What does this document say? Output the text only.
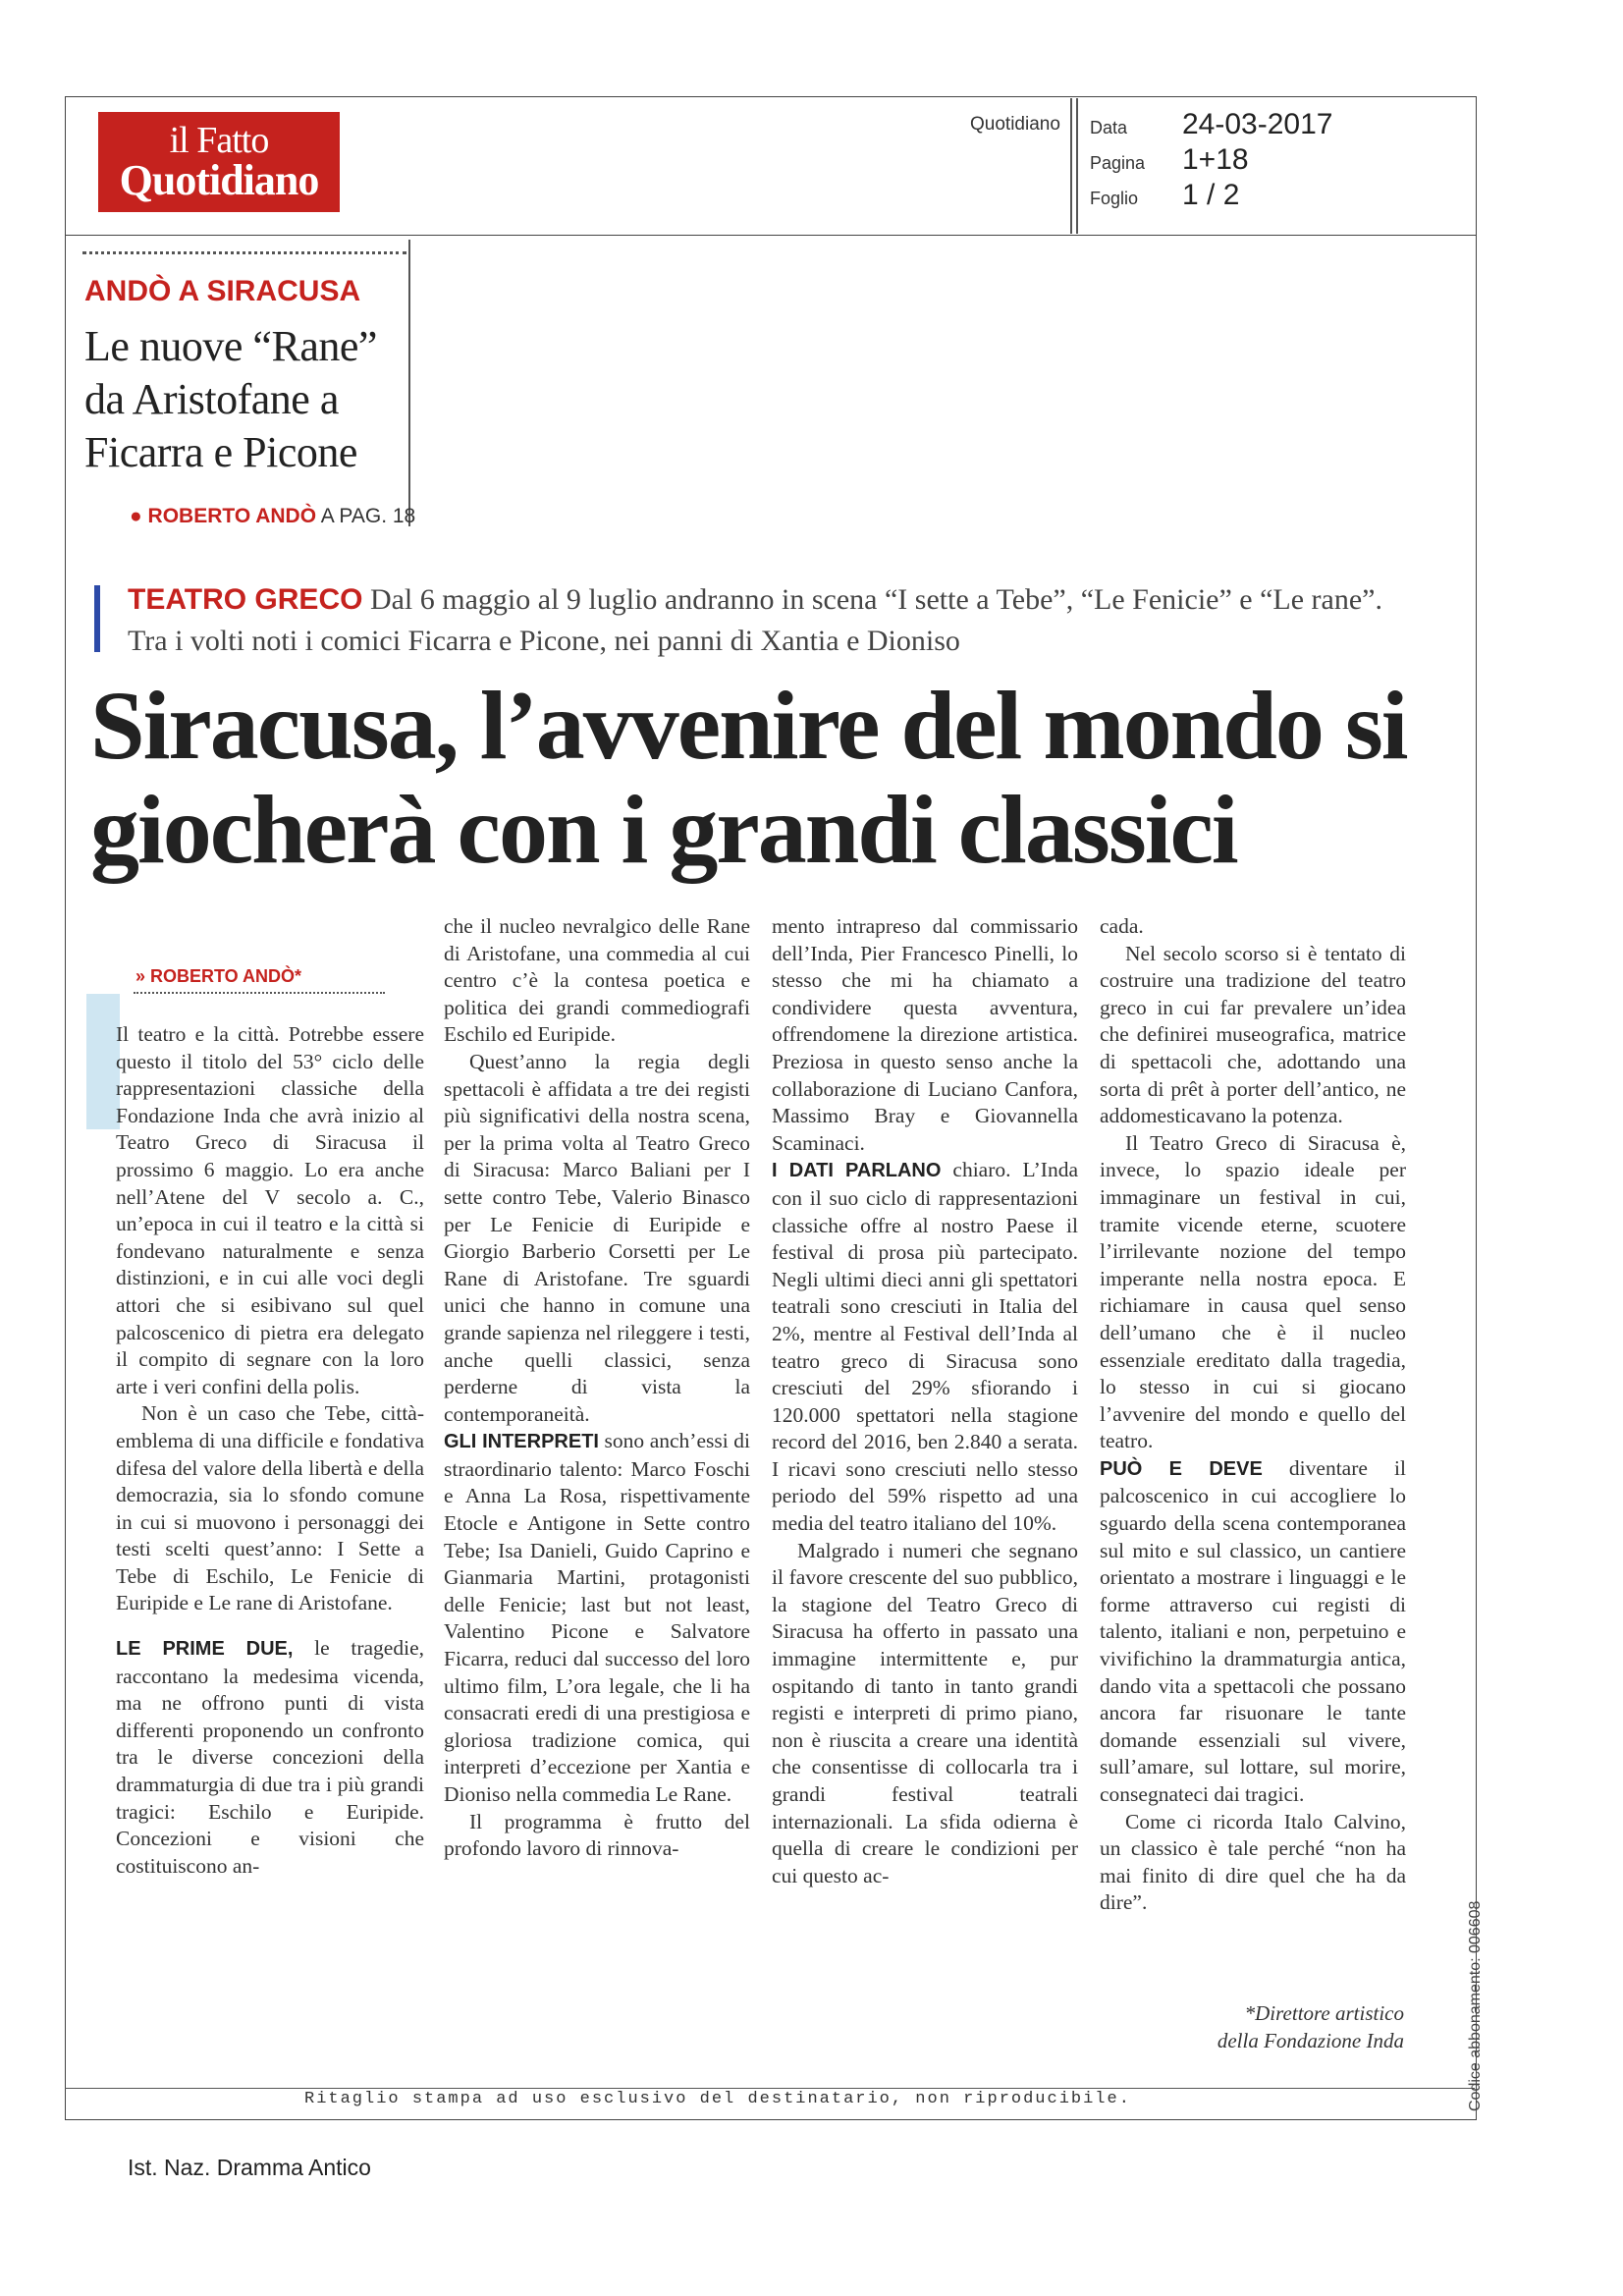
il Fatto
Quotidiano
Quotidiano Data 24-03-2017
Pagina 1+18
Foglio 1 / 2
ANDÒ A SIRACUSA
Le nuove “Rane” da Aristofane a Ficarra e Picone
● ROBERTO ANDÒ A PAG. 18
TEATRO GRECO Dal 6 maggio al 9 luglio andranno in scena “I sette a Tebe”, “Le Fenicie” e “Le rane”. Tra i volti noti i comici Ficarra e Picone, nei panni di Xantia e Dioniso
Siracusa, l’avvenire del mondo si giocherà con i grandi classici
» ROBERTO ANDÒ*

Il teatro e la città. Potrebbe essere questo il titolo del 53° ciclo delle rappresentazioni classiche della Fondazione Inda che avrà inizio al Teatro Greco di Siracusa il prossimo 6 maggio. Lo era anche nell’Atene del V secolo a. C., un’epoca in cui il teatro e la città si fondevano naturalmente e senza distinzioni, e in cui alle voci degli attori che si esibivano sul quel palcoscenico di pietra era delegato il compito di segnare con la loro arte i veri confini della polis.

Non è un caso che Tebe, città-emblema di una difficile e fondativa difesa del valore della libertà e della democrazia, sia lo sfondo comune in cui si muovono i personaggi dei testi scelti quest’anno: I Sette a Tebe di Eschilo, Le Fenicie di Euripide e Le rane di Aristofane.

LE PRIME DUE, le tragedie, raccontano la medesima vicenda, ma ne offrono punti di vista differenti proponendo un confronto tra le diverse concezioni della drammaturgia di due tra i più grandi tragici: Eschilo e Euripide. Concezioni e visioni che costituiscono an-

che il nucleo nevralgico delle Rane di Aristofane, una commedia al cui centro c’è la contesa poetica e politica dei grandi commediografi Eschilo ed Euripide.

Quest’anno la regia degli spettacoli è affidata a tre dei registi più significativi della nostra scena, per la prima volta al Teatro Greco di Siracusa: Marco Baliani per I sette contro Tebe, Valerio Binasco per Le Fenicie di Euripide e Giorgio Barberio Corsetti per Le Rane di Aristofane. Tre sguardi unici che hanno in comune una grande sapienza nel rileggere i testi, anche quelli classici, senza perderne di vista la contemporaneità.

GLI INTERPRETI sono anch’essi di straordinario talento: Marco Foschi e Anna La Rosa, rispettivamente Etocle e Antigone in Sette contro Tebe; Isa Danieli, Guido Caprino e Gianmaria Martini, protagonisti delle Fenicie; last but not least, Valentino Picone e Salvatore Ficarra, reduci dal successo del loro ultimo film, L’ora legale, che li ha consacrati eredi di una prestigiosa e gloriosa tradizione comica, qui interpreti d’eccezione per Xantia e Dioniso nella commedia Le Rane.

Il programma è frutto del profondo lavoro di rinnova-

mento intrapreso dal commissario dell’Inda, Pier Francesco Pinelli, lo stesso che mi ha chiamato a condividere questa avventura, offrendomene la direzione artistica. Preziosa in questo senso anche la collaborazione di Luciano Canfora, Massimo Bray e Giovannella Scaminaci.

I DATI PARLANO chiaro. L’Inda con il suo ciclo di rappresentazioni classiche offre al nostro Paese il festival di prosa più partecipato. Negli ultimi dieci anni gli spettatori teatrali sono cresciuti in Italia del 2%, mentre al Festival dell’Inda al teatro greco di Siracusa sono cresciuti del 29% sfiorando i 120.000 spettatori nella stagione record del 2016, ben 2.840 a serata. I ricavi sono cresciuti nello stesso periodo del 59% rispetto ad una media del teatro italiano del 10%.

Malgrado i numeri che segnano il favore crescente del suo pubblico, la stagione del Teatro Greco di Siracusa ha offerto in passato una immagine intermittente e, pur ospitando di tanto in tanto grandi registi e interpreti di primo piano, non è riuscita a creare una identità che consentisse di collocarla tra i grandi festival teatrali internazionali. La sfida odierna è quella di creare le condizioni per cui questo ac-

cada.

Nel secolo scorso si è tentato di costruire una tradizione del teatro greco in cui far prevalere un’idea che definirei museografica, matrice di spettacoli che, adottando una sorta di prêt à porter dell’antico, ne addomesticavano la potenza.

Il Teatro Greco di Siracusa è, invece, lo spazio ideale per immaginare un festival in cui, tramite vicende eterne, scuotere l’irrilevante nozione del tempo imperante nella nostra epoca. E richiamare in causa quel senso dell’umano che è il nucleo essenziale ereditato dalla tragedia, lo stesso in cui si giocano l’avvenire del mondo e quello del teatro.

PUÒ E DEVE diventare il palcoscenico in cui accogliere lo sguardo della scena contemporanea sul mito e sul classico, un cantiere orientato a mostrare i linguaggi e le forme attraverso cui registi di talento, italiani e non, perpetuino e vivifichino la drammaturgia antica, dando vita a spettacoli che possano ancora far risuonare le tante domande essenziali sul vivere, sull’amare, sul lottare, sul morire, consegnateci dai tragici.

Come ci ricorda Italo Calvino, un classico è tale perché “non ha mai finito di dire quel che ha da dire”.

*Direttore artistico
della Fondazione Inda
Ritaglio stampa ad uso esclusivo del destinatario, non riproducibile.	Codice abbonamento: 006608
Ist. Naz. Dramma Antico
